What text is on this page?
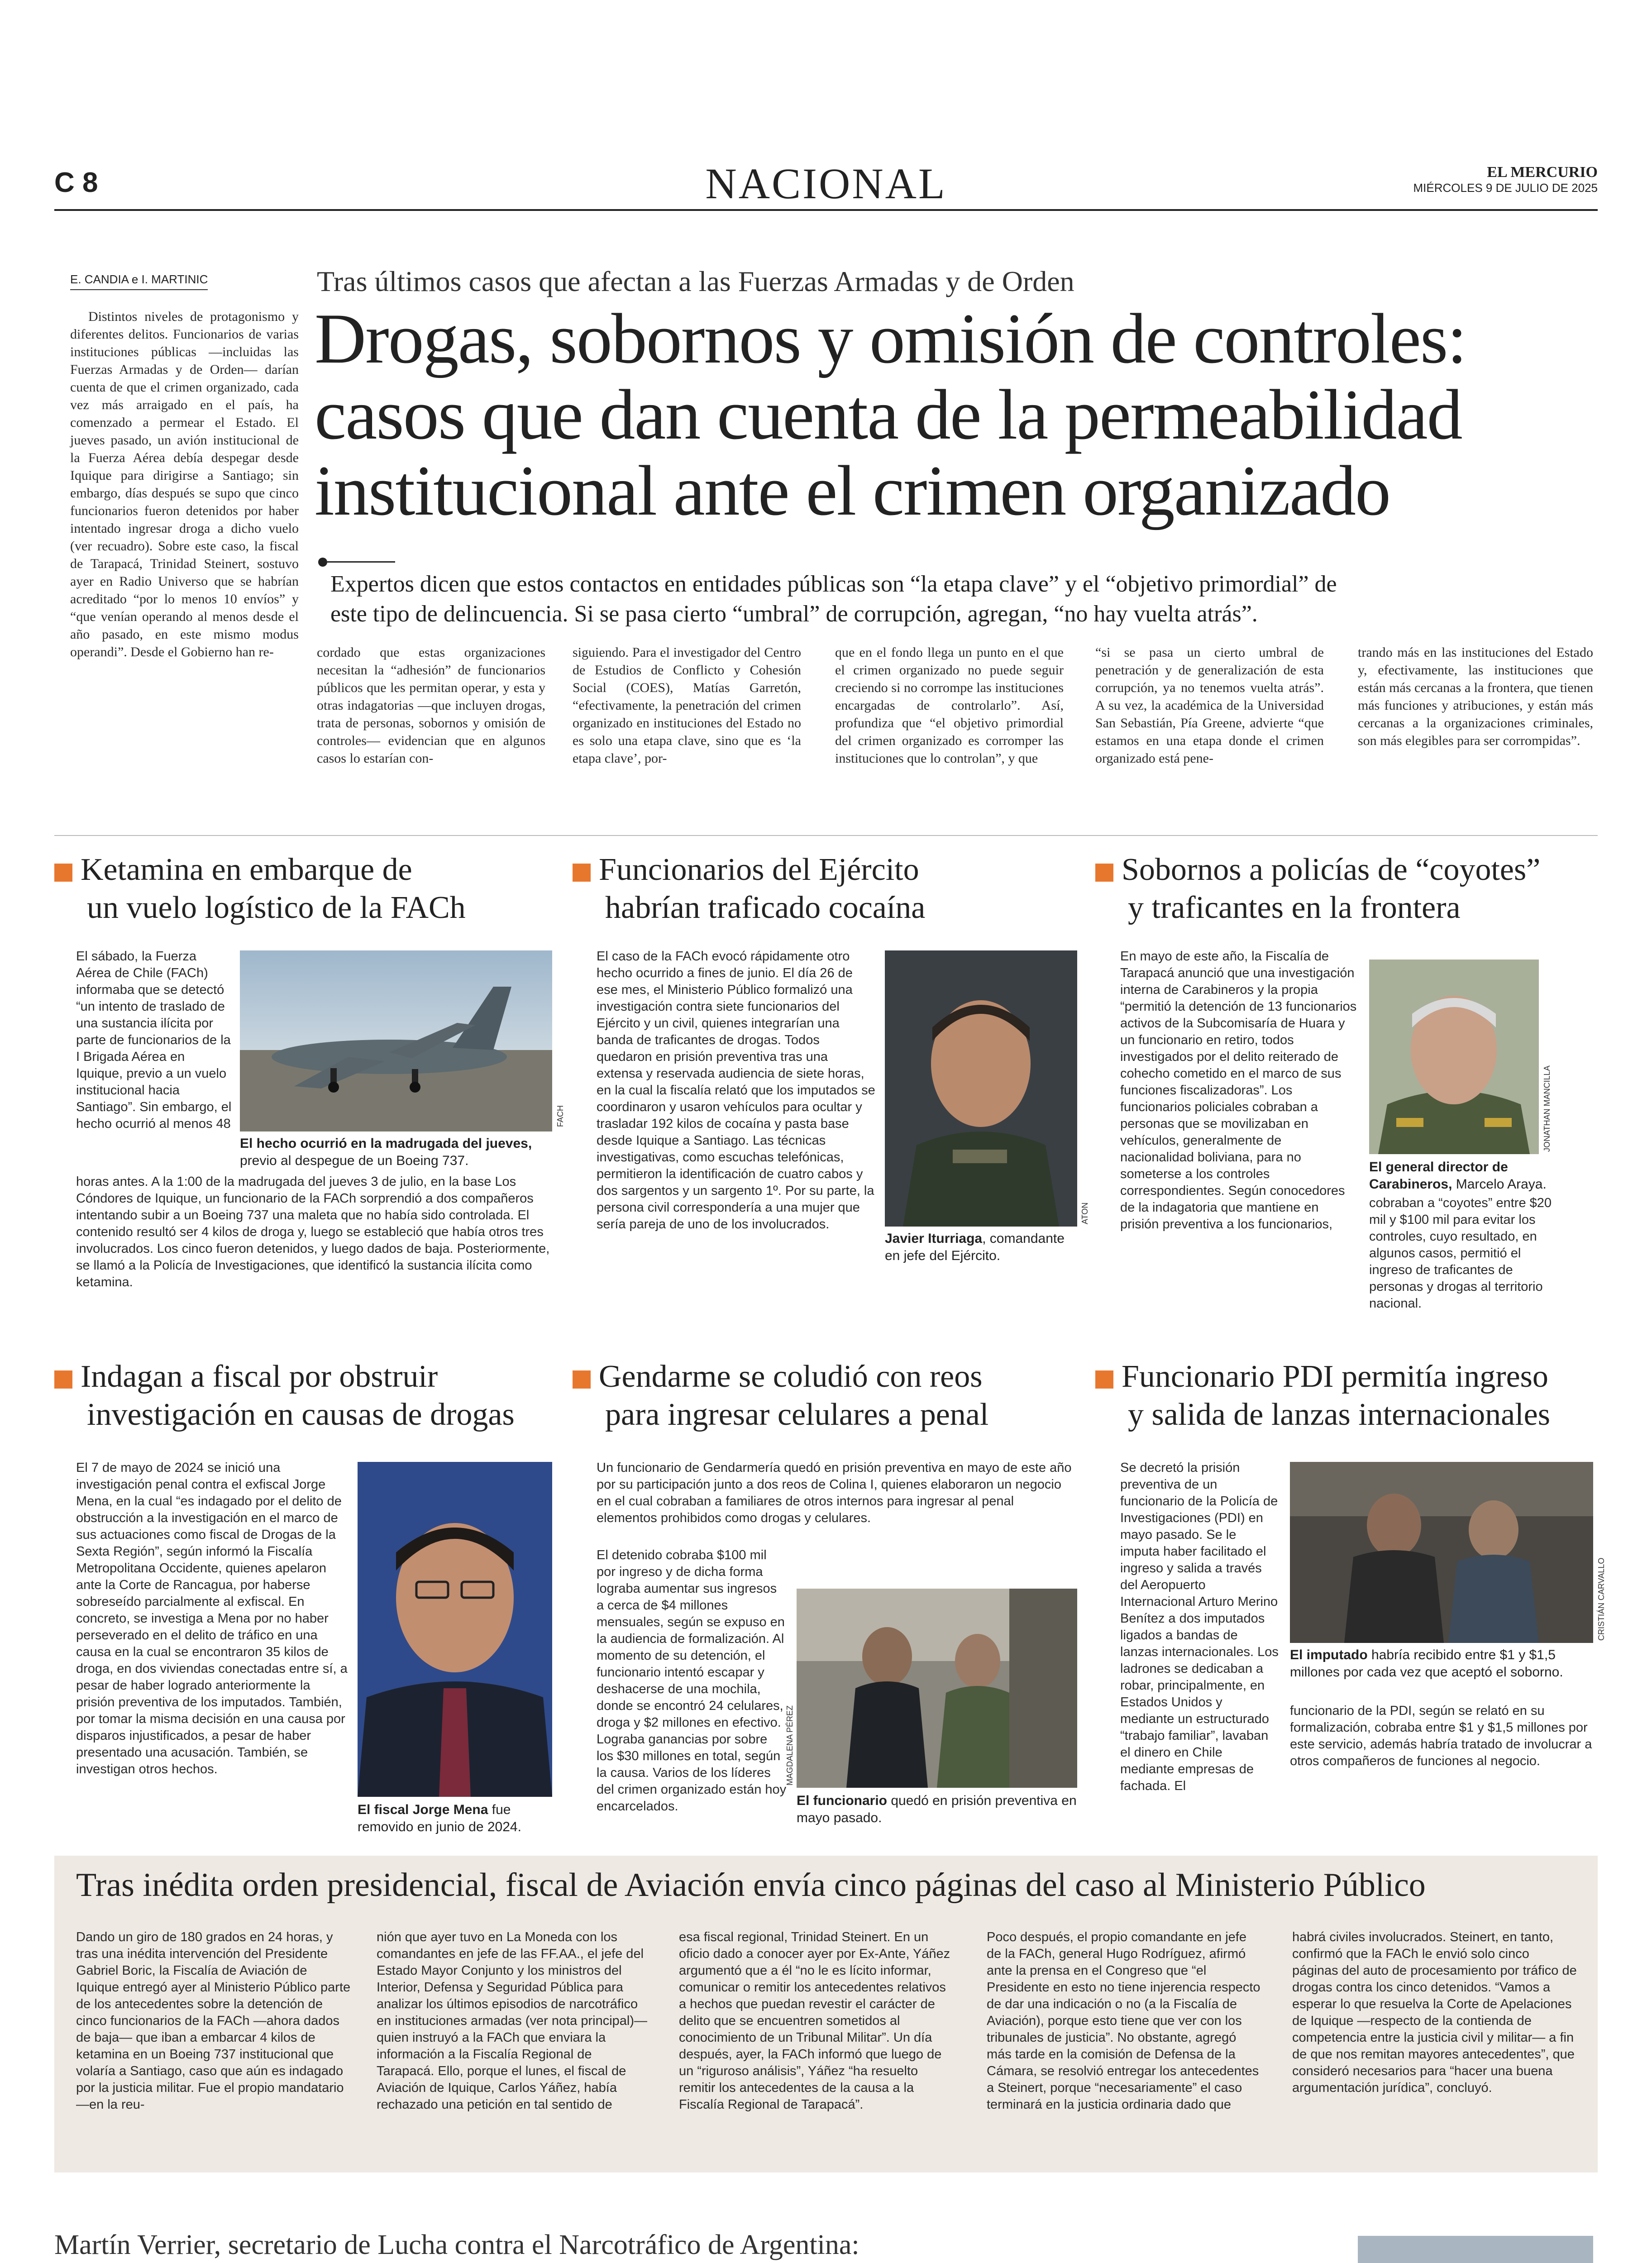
C 8	NACIONAL	EL MERCURIO
MIÉRCOLES 9 DE JULIO DE 2025
E. CANDIA e I. MARTINIC

Distintos niveles de protagonismo y diferentes delitos. Funcionarios de varias instituciones públicas —incluidas las Fuerzas Armadas y de Orden— darían cuenta de que el crimen organizado, cada vez más arraigado en el país, ha comenzado a permear el Estado. El jueves pasado, un avión institucional de la Fuerza Aérea debía despegar desde Iquique para dirigirse a Santiago; sin embargo, días después se supo que cinco funcionarios fueron detenidos por haber intentado ingresar droga a dicho vuelo (ver recuadro). Sobre este caso, la fiscal de Tarapacá, Trinidad Steinert, sostuvo ayer en Radio Universo que se habrían acreditado “por lo menos 10 envíos” y “que venían operando al menos desde el año pasado, en este mismo modus operandi”. Desde el Gobierno han re-

Tras últimos casos que afectan a las Fuerzas Armadas y de Orden
Drogas, sobornos y omisión de controles:
casos que dan cuenta de la permeabilidad
institucional ante el crimen organizado
Expertos dicen que estos contactos en entidades públicas son “la etapa clave” y el “objetivo primordial” de
este tipo de delincuencia. Si se pasa cierto “umbral” de corrupción, agregan, “no hay vuelta atrás”.
cordado que estas organizaciones necesitan la “adhesión” de funcionarios públicos que les permitan operar, y esta y otras indagatorias —que incluyen drogas, trata de personas, sobornos y omisión de controles— evidencian que en algunos casos lo estarían con-
siguiendo. Para el investigador del Centro de Estudios de Conflicto y Cohesión Social (COES), Matías Garretón, “efectivamente, la penetración del crimen organizado en instituciones del Estado no es solo una etapa clave, sino que es ‘la etapa clave’, por-
que en el fondo llega un punto en el que el crimen organizado no puede seguir creciendo si no corrompe las instituciones encargadas de controlarlo”. Así, profundiza que “el objetivo primordial del crimen organizado es corromper las instituciones que lo controlan”, y que
“si se pasa un cierto umbral de penetración y de generalización de esta corrupción, ya no tenemos vuelta atrás”. A su vez, la académica de la Universidad San Sebastián, Pía Greene, advierte “que estamos en una etapa donde el crimen organizado está pene-
trando más en las instituciones del Estado y, efectivamente, las instituciones que están más cercanas a la frontera, que tienen más funciones y atribuciones, y están más cercanas a la organizaciones criminales, son más elegibles para ser corrompidas”.
Ketamina en embarque de
un vuelo logístico de la FACh
El sábado, la Fuerza Aérea de Chile (FACh) informaba que se detectó “un intento de traslado de una sustancia ilícita por parte de funcionarios de la I Brigada Aérea en Iquique, previo a un vuelo institucional hacia Santiago”. Sin embargo, el hecho ocurrió al menos 48	FACH
El hecho ocurrió en la madrugada del jueves, previo al despegue de un Boeing 737.
horas antes. A la 1:00 de la madrugada del jueves 3 de julio, en la base Los Cóndores de Iquique, un funcionario de la FACh sorprendió a dos compañeros intentando subir a un Boeing 737 una maleta que no había sido controlada. El contenido resultó ser 4 kilos de droga y, luego se estableció que había otros tres involucrados. Los cinco fueron detenidos, y luego dados de baja. Posteriormente, se llamó a la Policía de Investigaciones, que identificó la sustancia ilícita como ketamina.
Funcionarios del Ejército
habrían traficado cocaína
El caso de la FACh evocó rápidamente otro hecho ocurrido a fines de junio. El día 26 de ese mes, el Ministerio Público formalizó una investigación contra siete funcionarios del Ejército y un civil, quienes integrarían una banda de traficantes de drogas. Todos quedaron en prisión preventiva tras una extensa y reservada audiencia de siete horas, en la cual la fiscalía relató que los imputados se coordinaron y usaron vehículos para ocultar y trasladar 192 kilos de cocaína y pasta base desde Iquique a Santiago. Las técnicas investigativas, como escuchas telefónicas, permitieron la identificación de cuatro cabos y dos sargentos y un sargento 1º. Por su parte, la persona civil correspondería a una mujer que sería pareja de uno de los involucrados.	ATON
Javier Iturriaga, comandante en jefe del Ejército.
Sobornos a policías de “coyotes”
y traficantes en la frontera
En mayo de este año, la Fiscalía de Tarapacá anunció que una investigación interna de Carabineros y la propia “permitió la detención de 13 funcionarios activos de la Subcomisaría de Huara y un funcionario en retiro, todos investigados por el delito reiterado de cohecho cometido en el marco de sus funciones fiscalizadoras”. Los funcionarios policiales cobraban a personas que se movilizaban en vehículos, generalmente de nacionalidad boliviana, para no someterse a los controles correspondientes. Según conocedores de la indagatoria que mantiene en prisión preventiva a los funcionarios,
JONATHAN MANCILLA
El general director de Carabineros, Marcelo Araya.
cobraban a “coyotes” entre $20 mil y $100 mil para evitar los controles, cuyo resultado, en algunos casos, permitió el ingreso de traficantes de personas y drogas al territorio nacional.
Indagan a fiscal por obstruir
investigación en causas de drogas
El 7 de mayo de 2024 se inició una investigación penal contra el exfiscal Jorge Mena, en la cual “es indagado por el delito de obstrucción a la investigación en el marco de sus actuaciones como fiscal de Drogas de la Sexta Región”, según informó la Fiscalía Metropolitana Occidente, quienes apelaron ante la Corte de Rancagua, por haberse sobreseído parcialmente al exfiscal. En concreto, se investiga a Mena por no haber perseverado en el delito de tráfico en una causa en la cual se encontraron 35 kilos de droga, en dos viviendas conectadas entre sí, a pesar de haber logrado anteriormente la prisión preventiva de los imputados. También, por tomar la misma decisión en una causa por disparos injustificados, a pesar de haber presentado una acusación. También, se investigan otros hechos.
El fiscal Jorge Mena fue removido en junio de 2024.
Gendarme se coludió con reos
para ingresar celulares a penal
Un funcionario de Gendarmería quedó en prisión preventiva en mayo de este año por su participación junto a dos reos de Colina I, quienes elaboraron un negocio en el cual cobraban a familiares de otros internos para ingresar al penal elementos prohibidos como drogas y celulares.
El detenido cobraba $100 mil por ingreso y de dicha forma lograba aumentar sus ingresos a cerca de $4 millones mensuales, según se expuso en la audiencia de formalización. Al momento de su detención, el funcionario intentó escapar y deshacerse de una mochila, donde se encontró 24 celulares, droga y $2 millones en efectivo. Lograba ganancias por sobre los $30 millones en total, según la causa. Varios de los líderes del crimen organizado están hoy encarcelados.
MAGDALENA PÉREZ
El funcionario quedó en prisión preventiva en mayo pasado.
Funcionario PDI permitía ingreso
y salida de lanzas internacionales
Se decretó la prisión preventiva de un funcionario de la Policía de Investigaciones (PDI) en mayo pasado. Se le imputa haber facilitado el ingreso y salida a través del Aeropuerto Internacional Arturo Merino Benítez a dos imputados ligados a bandas de lanzas internacionales. Los ladrones se dedicaban a robar, principalmente, en Estados Unidos y mediante un estructurado “trabajo familiar”, lavaban el dinero en Chile mediante empresas de fachada. El
CRISTIÁN CARVALLO
El imputado habría recibido entre $1 y $1,5 millones por cada vez que aceptó el soborno.
funcionario de la PDI, según se relató en su formalización, cobraba entre $1 y $1,5 millones por este servicio, además habría tratado de involucrar a otros compañeros de funciones al negocio.
Tras inédita orden presidencial, fiscal de Aviación envía cinco páginas del caso al Ministerio Público
Dando un giro de 180 grados en 24 horas, y tras una inédita intervención del Presidente Gabriel Boric, la Fiscalía de Aviación de Iquique entregó ayer al Ministerio Público parte de los antecedentes sobre la detención de cinco funcionarios de la FACh —ahora dados de baja— que iban a embarcar 4 kilos de ketamina en un Boeing 737 institucional que volaría a Santiago, caso que aún es indagado por la justicia militar. Fue el propio mandatario —en la reu-
nión que ayer tuvo en La Moneda con los comandantes en jefe de las FF.AA., el jefe del Estado Mayor Conjunto y los ministros del Interior, Defensa y Seguridad Pública para analizar los últimos episodios de narcotráfico en instituciones armadas (ver nota principal)— quien instruyó a la FACh que enviara la información a la Fiscalía Regional de Tarapacá. Ello, porque el lunes, el fiscal de Aviación de Iquique, Carlos Yáñez, había rechazado una petición en tal sentido de
esa fiscal regional, Trinidad Steinert. En un oficio dado a conocer ayer por Ex-Ante, Yáñez argumentó que a él “no le es lícito informar, comunicar o remitir los antecedentes relativos a hechos que puedan revestir el carácter de delito que se encuentren sometidos al conocimiento de un Tribunal Militar”. Un día después, ayer, la FACh informó que luego de un “riguroso análisis”, Yáñez “ha resuelto remitir los antecedentes de la causa a la Fiscalía Regional de Tarapacá”.
Poco después, el propio comandante en jefe de la FACh, general Hugo Rodríguez, afirmó ante la prensa en el Congreso que “el Presidente en esto no tiene injerencia respecto de dar una indicación o no (a la Fiscalía de Aviación), porque esto tiene que ver con los tribunales de justicia”. No obstante, agregó más tarde en la comisión de Defensa de la Cámara, se resolvió entregar los antecedentes a Steinert, porque “necesariamente” el caso terminará en la justicia ordinaria dado que
habrá civiles involucrados. Steinert, en tanto, confirmó que la FACh le envió solo cinco páginas del auto de procesamiento por tráfico de drogas contra los cinco detenidos. “Vamos a esperar lo que resuelva la Corte de Apelaciones de Iquique —respecto de la contienda de competencia entre la justicia civil y militar— a fin de que nos remitan mayores antecedentes”, que consideró necesarios para “hacer una buena argumentación jurídica”, concluyó.
Martín Verrier, secretario de Lucha contra el Narcotráfico de Argentina:
